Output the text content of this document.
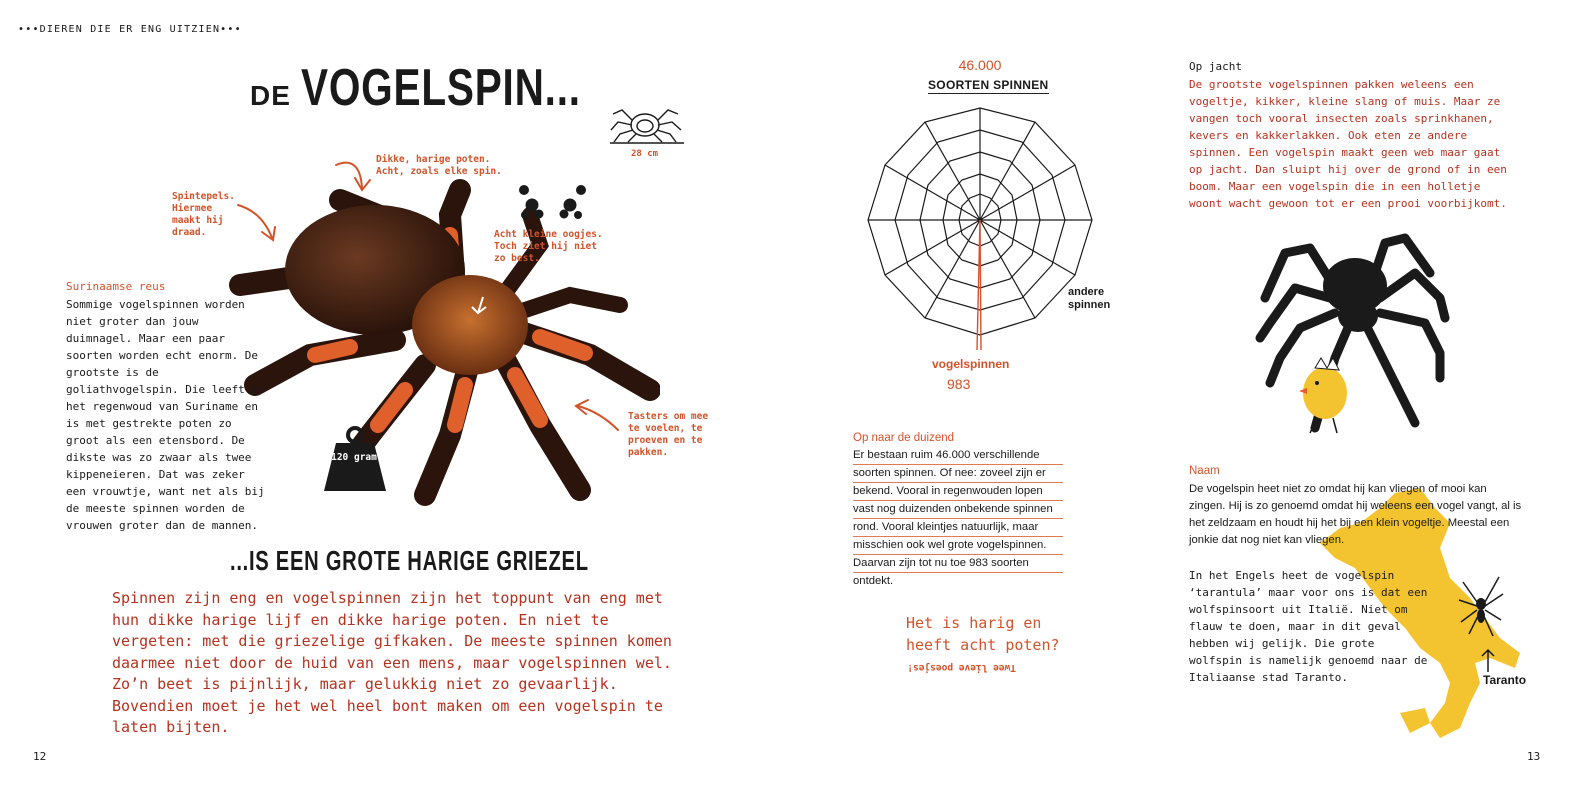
•••DIEREN DIE ER ENG UITZIEN•••
DE VOGELSPIN...
Dikke, harige poten. Acht, zoals elke spin.
Spintepels. Hiermee maakt hij draad.	Acht kleine oogjes. Toch ziet hij niet zo best.
Tasters om mee te voelen, te proeven en te pakken.
28 cm
120 gram
Surinaamse reus
Sommige vogelspinnen worden niet groter dan jouw duimnagel. Maar een paar soorten worden echt enorm. De grootste is de goliathvogelspin. Die leeft in het regenwoud van Suriname en is met gestrekte poten zo groot als een etensbord. De dikste was zo zwaar als twee kippeneieren. Dat was zeker een vrouwtje, want net als bij de meeste spinnen worden de vrouwen groter dan de mannen.
...IS EEN GROTE HARIGE GRIEZEL
Spinnen zijn eng en vogelspinnen zijn het toppunt van eng met hun dikke harige lijf en dikke harige poten. En niet te vergeten: met die griezelige gifkaken. De meeste spinnen komen daarmee niet door de huid van een mens, maar vogelspinnen wel. Zo’n beet is pijnlijk, maar gelukkig niet zo gevaarlijk. Bovendien moet je het wel heel bont maken om een vogelspin te laten bijten.
12
46.000
SOORTEN SPINNEN
andere spinnen
vogelspinnen
983
Op naar de duizend
Er bestaan ruim 46.000 verschillende
soorten spinnen. Of nee: zoveel zijn er
bekend. Vooral in regenwouden lopen
vast nog duizenden onbekende spinnen
rond. Vooral kleintjes natuurlijk, maar
misschien ook wel grote vogelspinnen.
Daarvan zijn tot nu toe 983 soorten
ontdekt.
Het is harig en heeft acht poten?
Twee lieve poesjes!
Op jacht
De grootste vogelspinnen pakken weleens een vogeltje, kikker, kleine slang of muis. Maar ze vangen toch vooral insecten zoals sprinkhanen, kevers en kakkerlakken. Ook eten ze andere spinnen. Een vogelspin maakt geen web maar gaat op jacht. Dan sluipt hij over de grond of in een boom. Maar een vogelspin die in een holletje woont wacht gewoon tot er een prooi voorbijkomt.
Naam
De vogelspin heet niet zo omdat hij kan vliegen of mooi kan zingen. Hij is zo genoemd omdat hij weleens een vogel vangt, al is het zeldzaam en houdt hij het bij een klein vogeltje. Meestal een jonkie dat nog niet kan vliegen.
In het Engels heet de vogelspin ‘tarantula’ maar voor ons is dat een wolfspinsoort uit Italië. Niet om flauw te doen, maar in dit geval hebben wij gelijk. Die grote wolfspin is namelijk genoemd naar de Italiaanse stad Taranto.	Taranto
13
